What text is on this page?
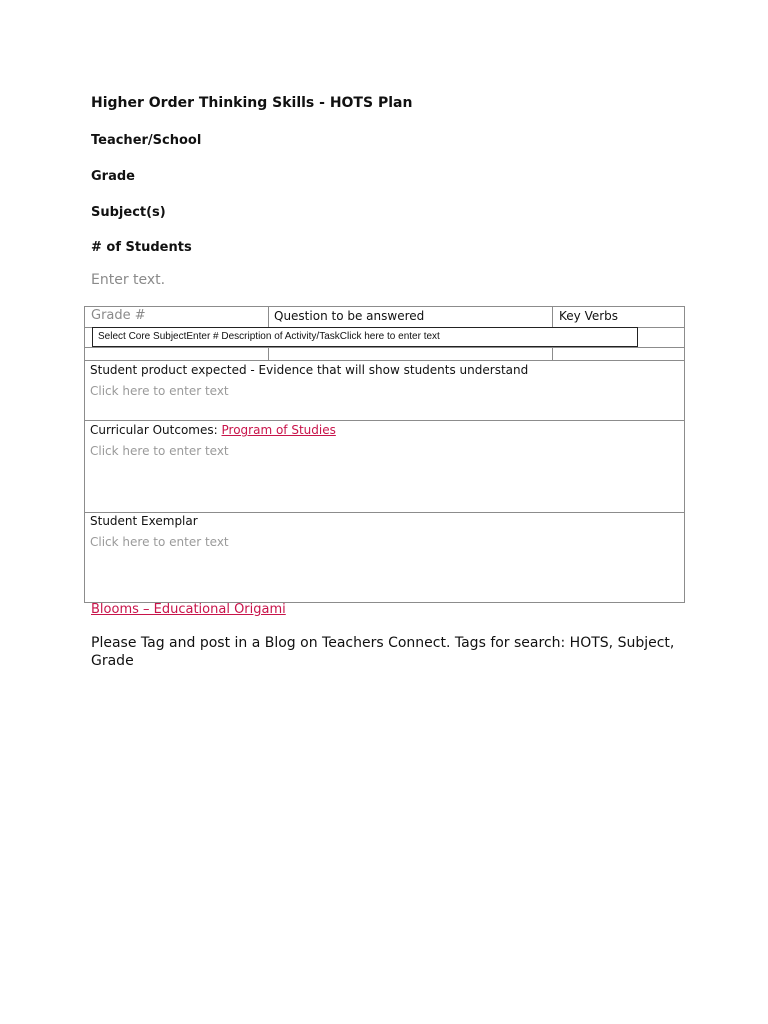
Higher Order Thinking Skills - HOTS Plan
Teacher/School
Grade
Subject(s)
# of Students
Enter text.
Grade #	Question to be answered	Key Verbs
Select Core SubjectEnter # Description of Activity/TaskClick here to enter text
Student product expected - Evidence that will show students understand
Click here to enter text
Curricular Outcomes: Program of Studies
Click here to enter text
Student Exemplar
Click here to enter text
Blooms – Educational Origami
Please Tag and post in a Blog on Teachers Connect. Tags for search: HOTS, Subject, Grade
